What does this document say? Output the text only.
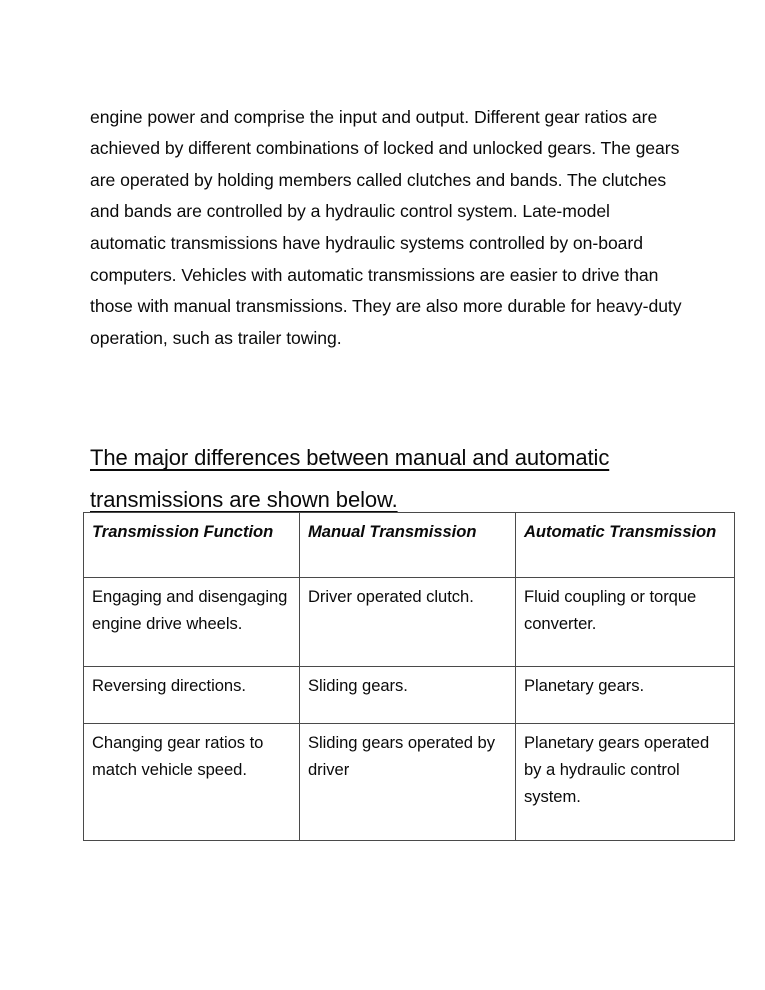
engine power and comprise the input and output. Different gear ratios are achieved by different combinations of locked and unlocked gears. The gears are operated by holding members called clutches and bands. The clutches and bands are controlled by a hydraulic control system. Late-model automatic transmissions have hydraulic systems controlled by on-board computers. Vehicles with automatic transmissions are easier to drive than those with manual transmissions. They are also more durable for heavy-duty operation, such as trailer towing.

The major differences between manual and automatic transmissions are shown below.
Transmission Function	Manual Transmission	Automatic Transmission
Engaging and disengaging engine drive wheels.	Driver operated clutch.	Fluid coupling or torque converter.
Reversing directions.	Sliding gears.	Planetary gears.
Changing gear ratios to match vehicle speed.	Sliding gears operated by driver	Planetary gears operated by a hydraulic control system.
